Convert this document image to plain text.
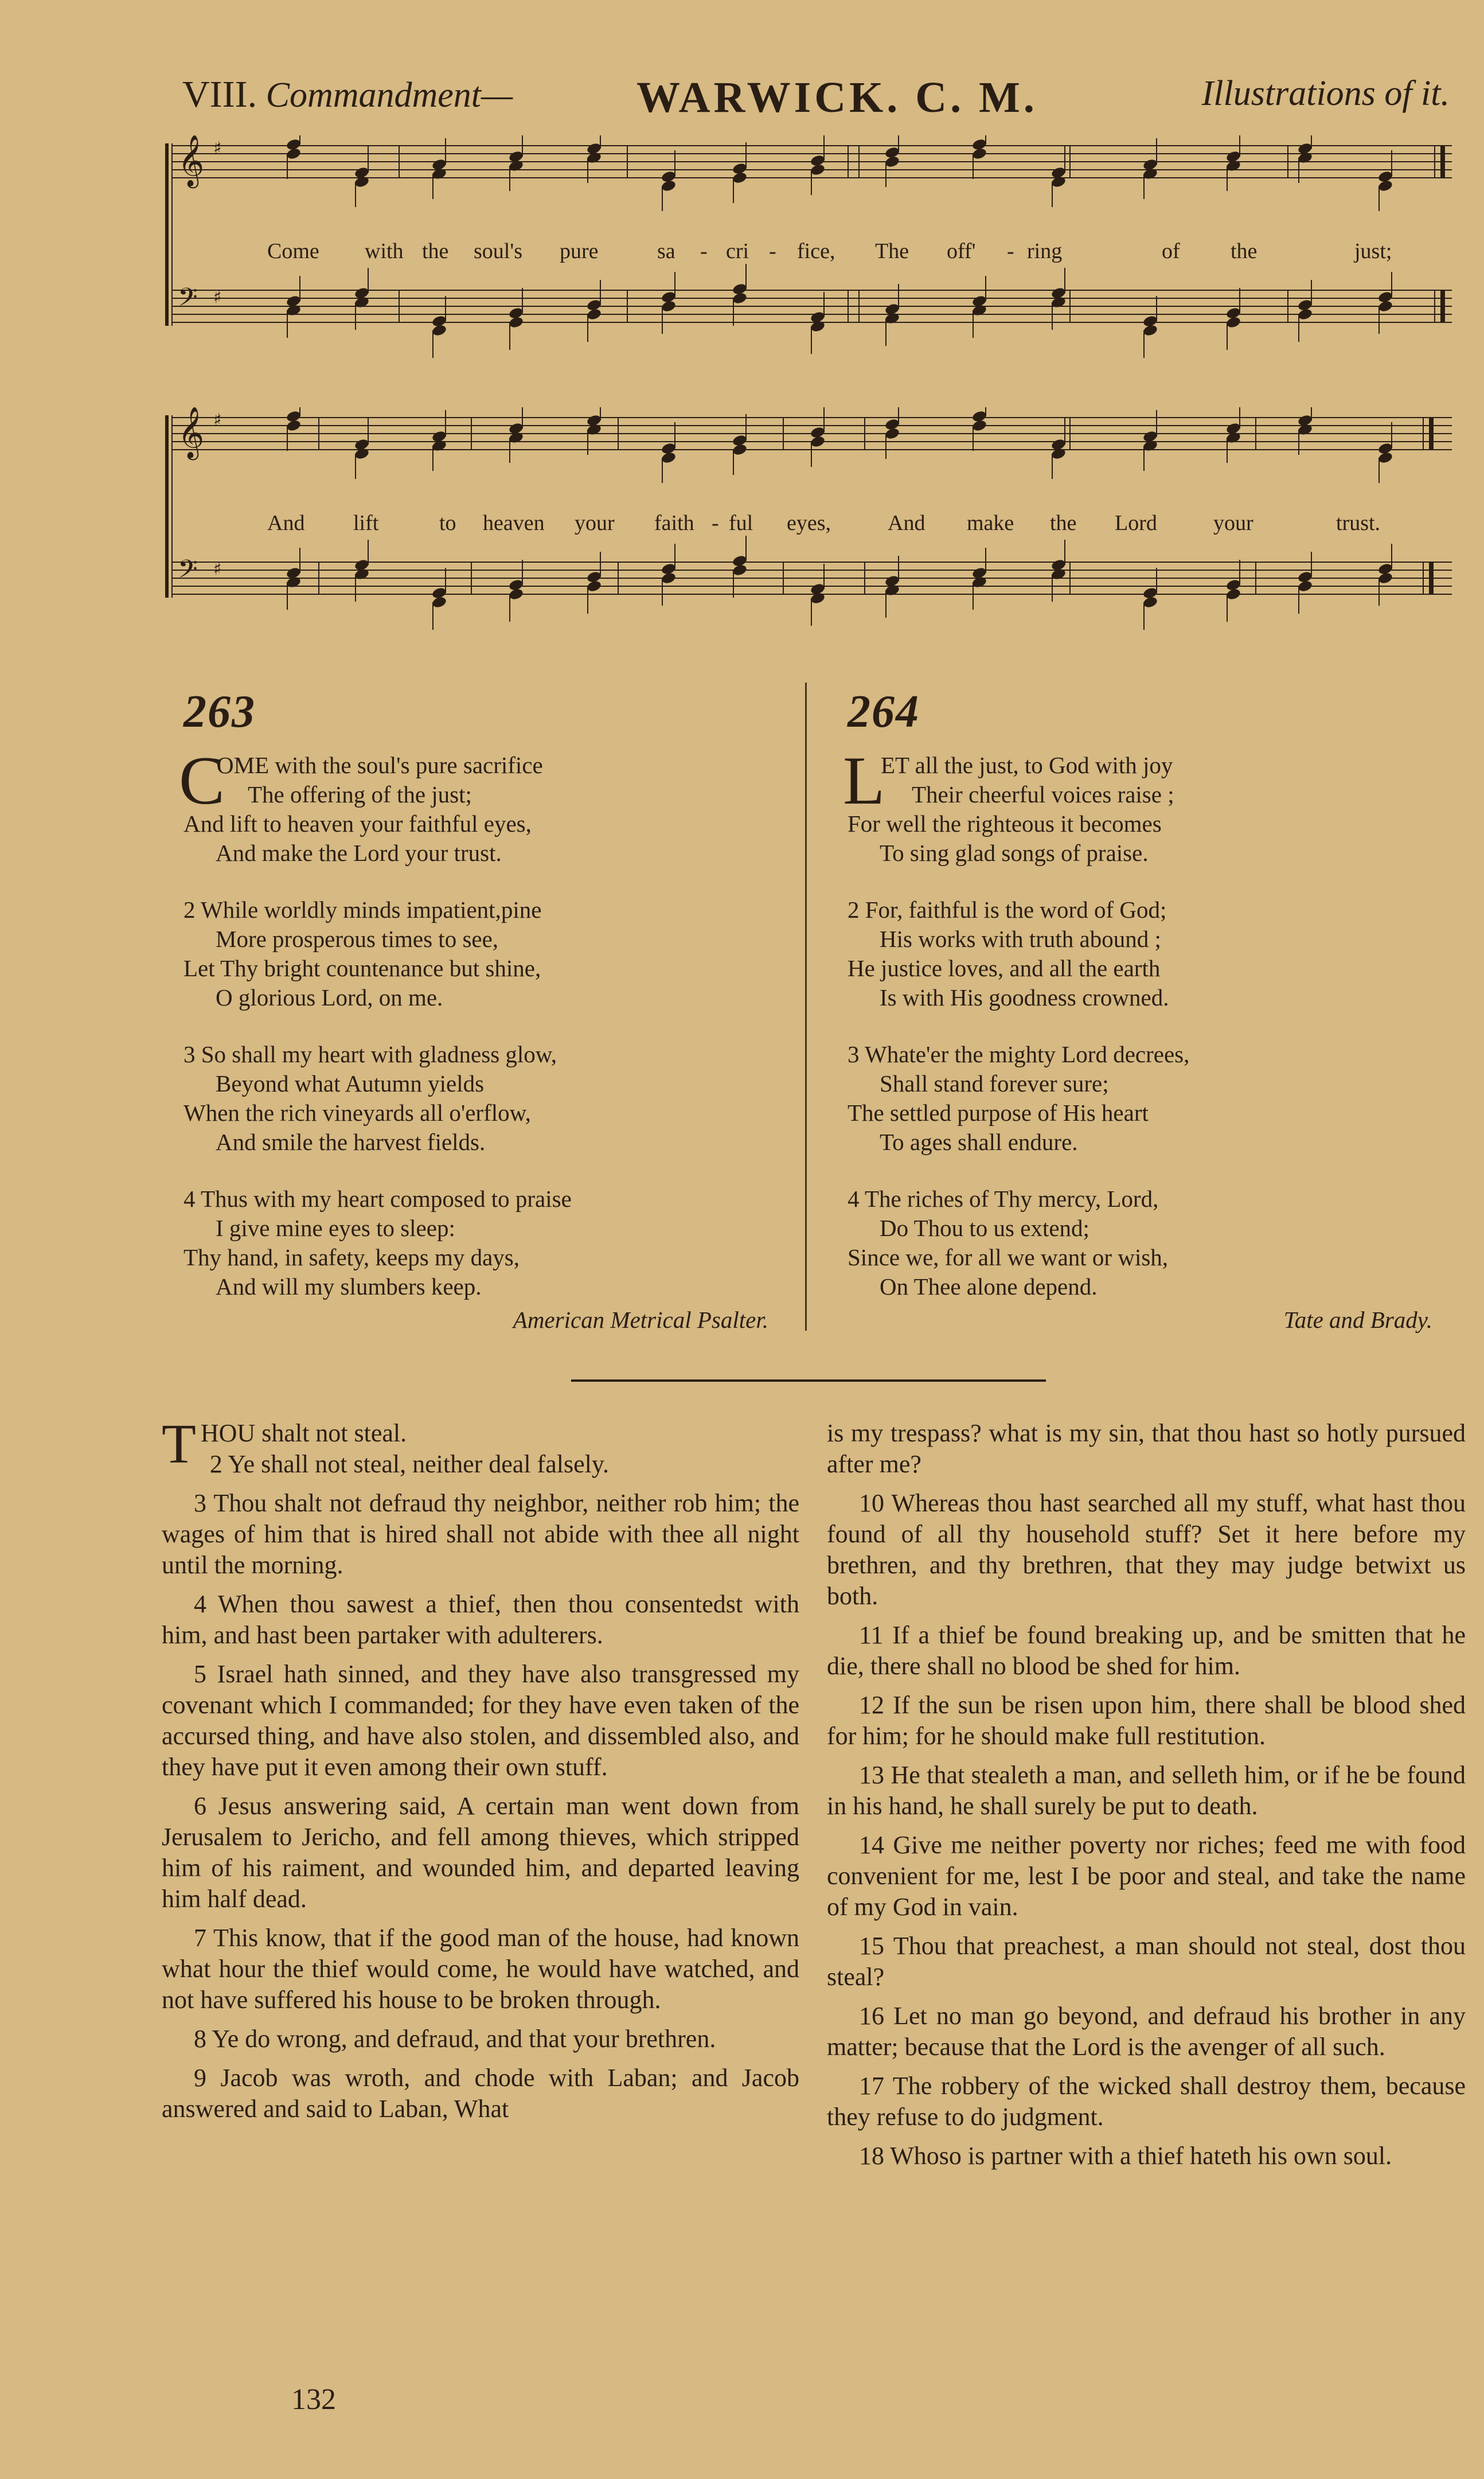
VIII. Commandment—	WARWICK. C. M.	Illustrations of it.
𝄞 ♯
𝄢 ♯
Come with the soul's pure	sa - cri - fice, The off' - ring	of the	just;
𝄞 ♯
𝄢 ♯
And lift	to heaven your faith - ful eyes,	And make the Lord	your	trust.
263
C
OME with the soul's pure sacrifice
The offering of the just;
And lift to heaven your faithful eyes,
And make the Lord your trust.
2 While worldly minds impatient,pine
More prosperous times to see,
Let Thy bright countenance but shine,
O glorious Lord, on me.
3 So shall my heart with gladness glow,
Beyond what Autumn yields
When the rich vineyards all o'erflow,
And smile the harvest fields.
4 Thus with my heart composed to praise
I give mine eyes to sleep:
Thy hand, in safety, keeps my days,
And will my slumbers keep.
American Metrical Psalter.
264
L
ET all the just, to God with joy
Their cheerful voices raise ;
For well the righteous it becomes
To sing glad songs of praise.
2 For, faithful is the word of God;
His works with truth abound ;
He justice loves, and all the earth
Is with His goodness crowned.
3 Whate'er the mighty Lord decrees,
Shall stand forever sure;
The settled purpose of His heart
To ages shall endure.
4 The riches of Thy mercy, Lord,
Do Thou to us extend;
Since we, for all we want or wish,
On Thee alone depend.
Tate and Brady.

THOU shalt not steal.
2 Ye shall not steal, neither deal falsely.

3 Thou shalt not defraud thy neighbor, neither rob him; the wages of him that is hired shall not abide with thee all night until the morning.

4 When thou sawest a thief, then thou consentedst with him, and hast been partaker with adulterers.

5 Israel hath sinned, and they have also transgressed my covenant which I commanded; for they have even taken of the accursed thing, and have also stolen, and dissembled also, and they have put it even among their own stuff.

6 Jesus answering said, A certain man went down from Jerusalem to Jericho, and fell among thieves, which stripped him of his raiment, and wounded him, and departed leaving him half dead.

7 This know, that if the good man of the house, had known what hour the thief would come, he would have watched, and not have suffered his house to be broken through.

8 Ye do wrong, and defraud, and that your brethren.

9 Jacob was wroth, and chode with Laban; and Jacob answered and said to Laban, What

is my trespass? what is my sin, that thou hast so hotly pursued after me?

10 Whereas thou hast searched all my stuff, what hast thou found of all thy household stuff? Set it here before my brethren, and thy brethren, that they may judge betwixt us both.

11 If a thief be found breaking up, and be smitten that he die, there shall no blood be shed for him.

12 If the sun be risen upon him, there shall be blood shed for him; for he should make full restitution.

13 He that stealeth a man, and selleth him, or if he be found in his hand, he shall surely be put to death.

14 Give me neither poverty nor riches; feed me with food convenient for me, lest I be poor and steal, and take the name of my God in vain.

15 Thou that preachest, a man should not steal, dost thou steal?

16 Let no man go beyond, and defraud his brother in any matter; because that the Lord is the avenger of all such.

17 The robbery of the wicked shall destroy them, because they refuse to do judgment.

18 Whoso is partner with a thief hateth his own soul.

132
